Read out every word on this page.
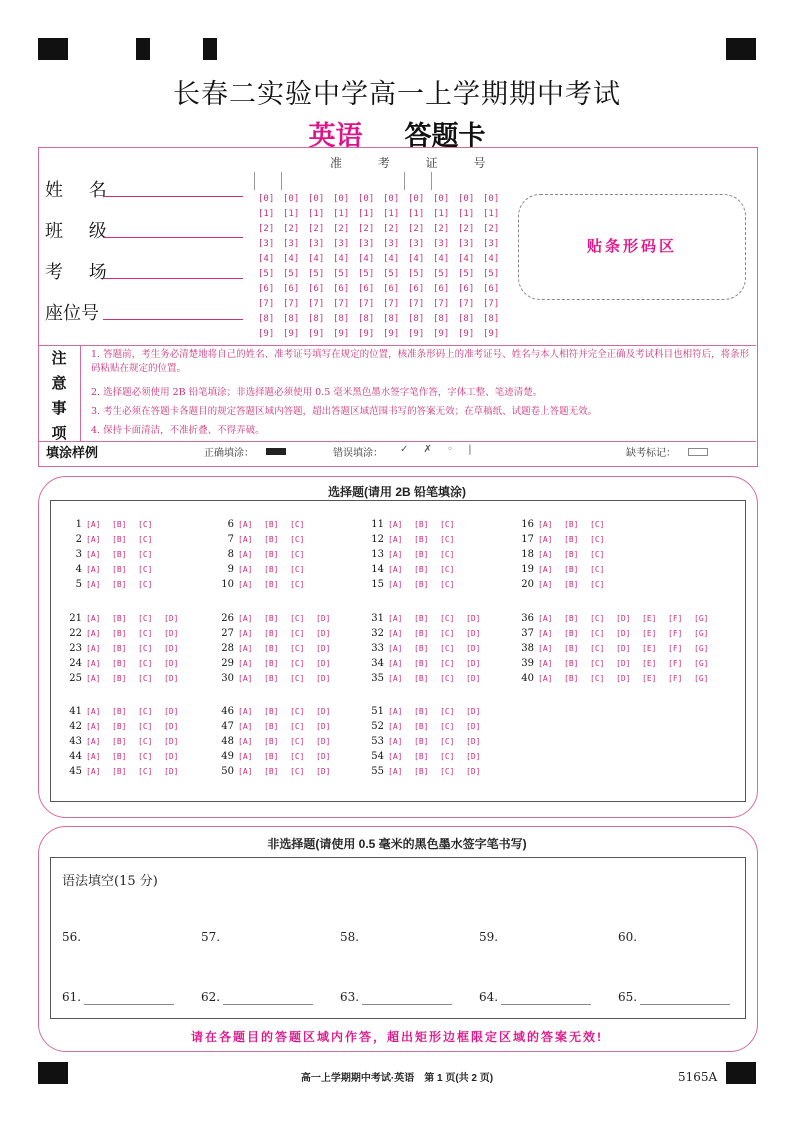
长春二实验中学高一上学期期中考试
英语 答题卡
姓 名
班 级
考 场
座位号
准 考 证 号
[0] [0] [0] [0] [0] [0] [0] [0] [0] [0]
[1] [1] [1] [1] [1] [1] [1] [1] [1] [1]
[2] [2] [2] [2] [2] [2] [2] [2] [2] [2]
[3] [3] [3] [3] [3] [3] [3] [3] [3] [3]
[4] [4] [4] [4] [4] [4] [4] [4] [4] [4]
[5] [5] [5] [5] [5] [5] [5] [5] [5] [5]
[6] [6] [6] [6] [6] [6] [6] [6] [6] [6]
[7] [7] [7] [7] [7] [7] [7] [7] [7] [7]
[8] [8] [8] [8] [8] [8] [8] [8] [8] [8]
[9] [9] [9] [9] [9] [9] [9] [9] [9] [9]
贴条形码区
注
意
事
项
1. 答题前，考生务必清楚地将自己的姓名、准考证号填写在规定的位置，核准条形码上的准考证号、姓名与本人相符并完全正确及考试科目也相符后，将条形码粘贴在规定的位置。
2. 选择题必须使用 2B 铅笔填涂；非选择题必须使用 0.5 毫米黑色墨水签字笔作答，字体工整、笔迹清楚。
3. 考生必须在答题卡各题目的规定答题区域内答题，超出答题区域范围书写的答案无效；在草稿纸、试题卷上答题无效。
4. 保持卡面清洁，不准折叠、不得弄破。
填涂样例	正确填涂：	错误填涂： ✓ ✗ ◦ |	缺考标记：
选择题(请用 2B 铅笔填涂)
1 [A] [B] [C]
2 [A] [B] [C]
3 [A] [B] [C]
4 [A] [B] [C]
5 [A] [B] [C]
6 [A] [B] [C]
7 [A] [B] [C]
8 [A] [B] [C]
9 [A] [B] [C]
10 [A] [B] [C]
11 [A] [B] [C]
12 [A] [B] [C]
13 [A] [B] [C]
14 [A] [B] [C]
15 [A] [B] [C]
16 [A] [B] [C]
17 [A] [B] [C]
18 [A] [B] [C]
19 [A] [B] [C]
20 [A] [B] [C]
21 [A] [B] [C] [D]
22 [A] [B] [C] [D]
23 [A] [B] [C] [D]
24 [A] [B] [C] [D]
25 [A] [B] [C] [D]
26 [A] [B] [C] [D]
27 [A] [B] [C] [D]
28 [A] [B] [C] [D]
29 [A] [B] [C] [D]
30 [A] [B] [C] [D]
31 [A] [B] [C] [D]
32 [A] [B] [C] [D]
33 [A] [B] [C] [D]
34 [A] [B] [C] [D]
35 [A] [B] [C] [D]
36 [A] [B] [C] [D] [E] [F] [G]
37 [A] [B] [C] [D] [E] [F] [G]
38 [A] [B] [C] [D] [E] [F] [G]
39 [A] [B] [C] [D] [E] [F] [G]
40 [A] [B] [C] [D] [E] [F] [G]
41 [A] [B] [C] [D]
42 [A] [B] [C] [D]
43 [A] [B] [C] [D]
44 [A] [B] [C] [D]
45 [A] [B] [C] [D]
46 [A] [B] [C] [D]
47 [A] [B] [C] [D]
48 [A] [B] [C] [D]
49 [A] [B] [C] [D]
50 [A] [B] [C] [D]
51 [A] [B] [C] [D]
52 [A] [B] [C] [D]
53 [A] [B] [C] [D]
54 [A] [B] [C] [D]
55 [A] [B] [C] [D]
非选择题(请使用 0.5 毫米的黑色墨水签字笔书写)
语法填空(15 分)
56.	57.	58.	59.	60.
61.	62.	63.	64.	65.
请在各题目的答题区域内作答，超出矩形边框限定区域的答案无效!
高一上学期期中考试·英语　第 1 页(共 2 页)	5165A
